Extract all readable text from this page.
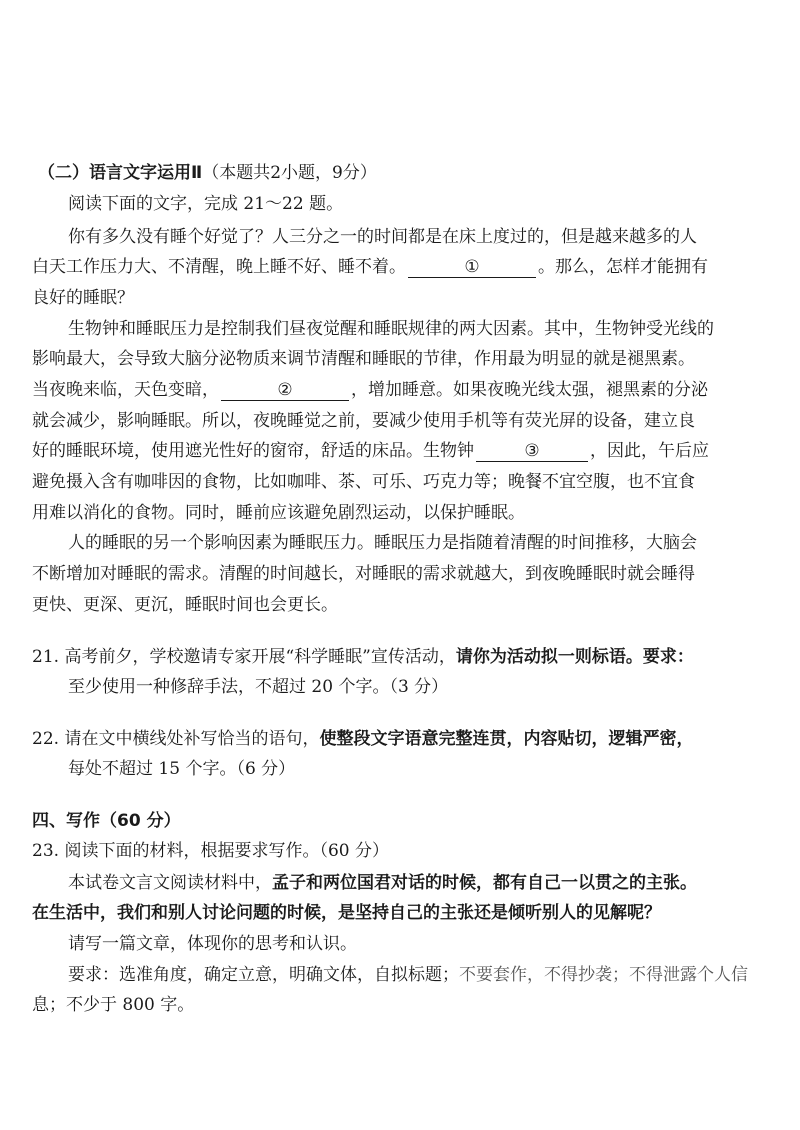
（二）语言文字运用Ⅱ（本题共2小题，9分）
阅读下面的文字，完成 21～22 题。
你有多久没有睡个好觉了？人三分之一的时间都是在床上度过的，但是越来越多的人
白天工作压力大、不清醒，晚上睡不好、睡不着。	①	。那么，怎样才能拥有
良好的睡眠？
生物钟和睡眠压力是控制我们昼夜觉醒和睡眠规律的两大因素。其中，生物钟受光线的
影响最大，会导致大脑分泌物质来调节清醒和睡眠的节律，作用最为明显的就是褪黑素。
当夜晚来临，天色变暗，	②	，增加睡意。如果夜晚光线太强，褪黑素的分泌
就会减少，影响睡眠。所以，夜晚睡觉之前，要减少使用手机等有荧光屏的设备，建立良
好的睡眠环境，使用遮光性好的窗帘，舒适的床品。生物钟	③	，因此，午后应
避免摄入含有咖啡因的食物，比如咖啡、茶、可乐、巧克力等；晚餐不宜空腹，也不宜食
用难以消化的食物。同时，睡前应该避免剧烈运动，以保护睡眠。
人的睡眠的另一个影响因素为睡眠压力。睡眠压力是指随着清醒的时间推移，大脑会
不断增加对睡眠的需求。清醒的时间越长，对睡眠的需求就越大，到夜晚睡眠时就会睡得
更快、更深、更沉，睡眠时间也会更长。
21. 高考前夕，学校邀请专家开展“科学睡眠”宣传活动，请你为活动拟一则标语。要求：
至少使用一种修辞手法，不超过 20 个字。（3 分）
22. 请在文中横线处补写恰当的语句，使整段文字语意完整连贯，内容贴切，逻辑严密，
每处不超过 15 个字。（6 分）
四、写作（60 分）
23. 阅读下面的材料，根据要求写作。（60 分）
本试卷文言文阅读材料中，孟子和两位国君对话的时候，都有自己一以贯之的主张。
在生活中，我们和别人讨论问题的时候，是坚持自己的主张还是倾听别人的见解呢？
请写一篇文章，体现你的思考和认识。
要求：选准角度，确定立意，明确文体，自拟标题；不要套作，不得抄袭；不得泄露个人信
息；不少于 800 字。
